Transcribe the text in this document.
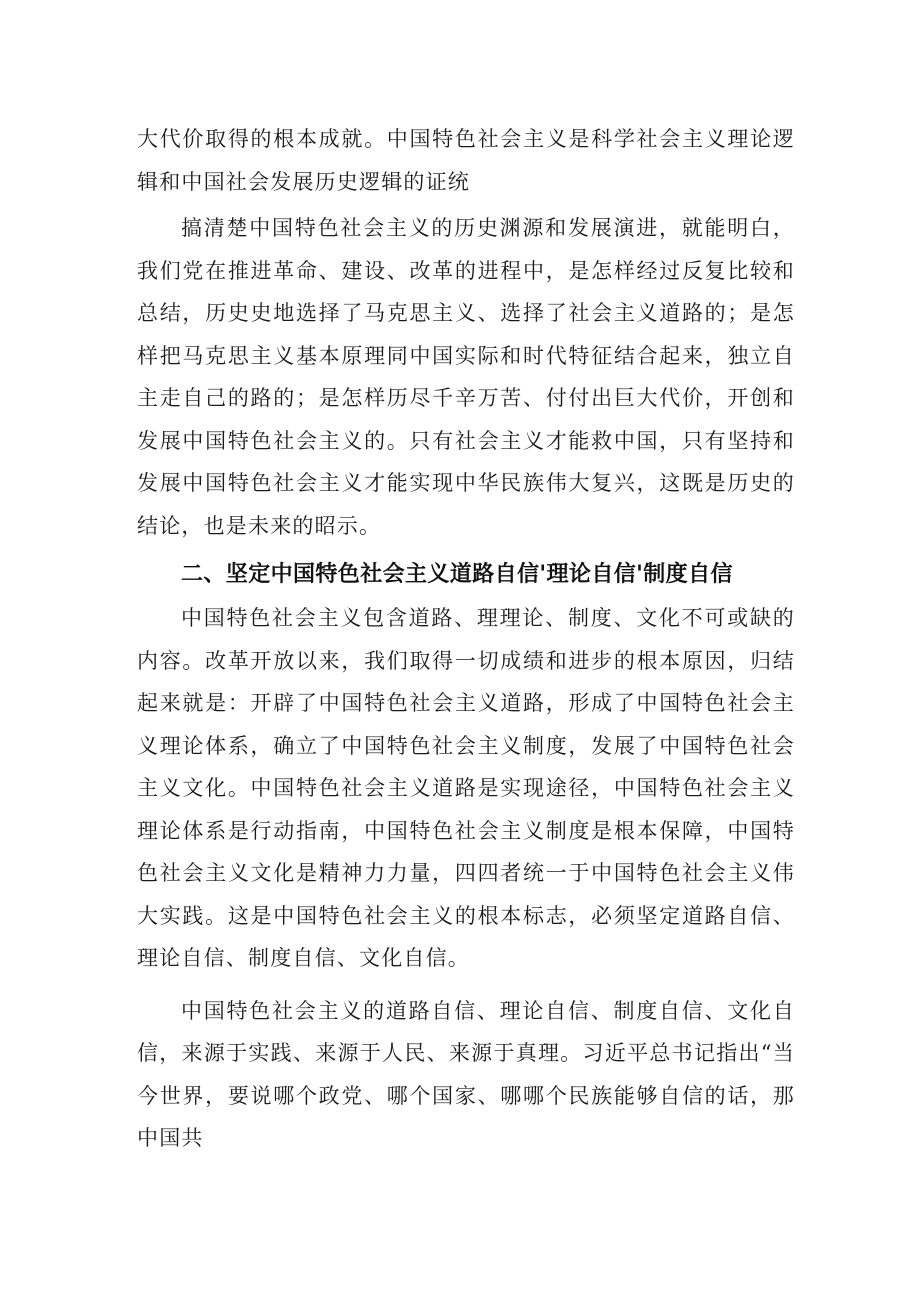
大代价取得的根本成就。中国特色社会主义是科学社会主义理论逻辑和中国社会发展历史逻辑的证统

搞清楚中国特色社会主义的历史渊源和发展演进，就能明白，我们党在推进革命、建设、改革的进程中，是怎样经过反复比较和总结，历史史地选择了马克思主义、选择了社会主义道路的；是怎样把马克思主义基本原理同中国实际和时代特征结合起来，独立自主走自己的路的；是怎样历尽千辛万苦、付付出巨大代价，开创和发展中国特色社会主义的。只有社会主义才能救中国，只有坚持和发展中国特色社会主义才能实现中华民族伟大复兴，这既是历史的结论，也是未来的昭示。

二、坚定中国特色社会主义道路自信'理论自信'制度自信

中国特色社会主义包含道路、理理论、制度、文化不可或缺的内容。改革开放以来，我们取得一切成绩和进步的根本原因，归结起来就是：开辟了中国特色社会主义道路，形成了中国特色社会主义理论体系，确立了中国特色社会主义制度，发展了中国特色社会主义文化。中国特色社会主义道路是实现途径，中国特色社会主义理论体系是行动指南，中国特色社会主义制度是根本保障，中国特色社会主义文化是精神力力量，四四者统一于中国特色社会主义伟大实践。这是中国特色社会主义的根本标志，必须坚定道路自信、理论自信、制度自信、文化自信。

中国特色社会主义的道路自信、理论自信、制度自信、文化自信，来源于实践、来源于人民、来源于真理。习近平总书记指出“当今世界，要说哪个政党、哪个国家、哪哪个民族能够自信的话，那中国共
